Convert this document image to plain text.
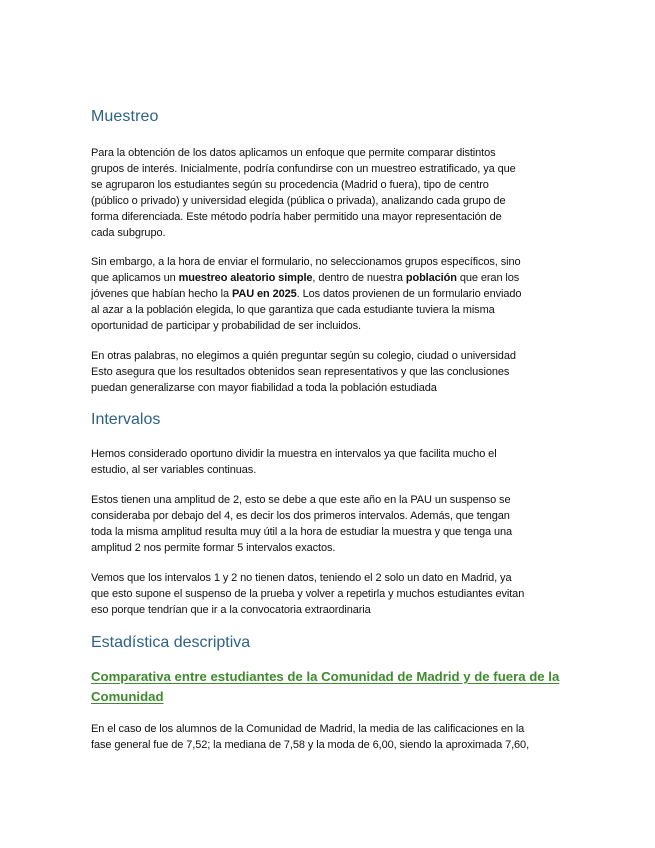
Muestreo

Para la obtención de los datos aplicamos un enfoque que permite comparar distintos
grupos de interés. Inicialmente, podría confundirse con un muestreo estratificado, ya que
se agruparon los estudiantes según su procedencia (Madrid o fuera), tipo de centro
(público o privado) y universidad elegida (pública o privada), analizando cada grupo de
forma diferenciada. Este método podría haber permitido una mayor representación de
cada subgrupo.

Sin embargo, a la hora de enviar el formulario, no seleccionamos grupos específicos, sino
que aplicamos un muestreo aleatorio simple, dentro de nuestra población que eran los
jóvenes que habían hecho la PAU en 2025. Los datos provienen de un formulario enviado
al azar a la población elegida, lo que garantiza que cada estudiante tuviera la misma
oportunidad de participar y probabilidad de ser incluidos.

En otras palabras, no elegimos a quién preguntar según su colegio, ciudad o universidad
Esto asegura que los resultados obtenidos sean representativos y que las conclusiones
puedan generalizarse con mayor fiabilidad a toda la población estudiada

Intervalos

Hemos considerado oportuno dividir la muestra en intervalos ya que facilita mucho el
estudio, al ser variables continuas.

Estos tienen una amplitud de 2, esto se debe a que este año en la PAU un suspenso se
consideraba por debajo del 4, es decir los dos primeros intervalos. Además, que tengan
toda la misma amplitud resulta muy útil a la hora de estudiar la muestra y que tenga una
amplitud 2 nos permite formar 5 intervalos exactos.

Vemos que los intervalos 1 y 2 no tienen datos, teniendo el 2 solo un dato en Madrid, ya
que esto supone el suspenso de la prueba y volver a repetirla y muchos estudiantes evitan
eso porque tendrían que ir a la convocatoria extraordinaria

Estadística descriptiva
Comparativa entre estudiantes de la Comunidad de Madrid y de fuera de la
Comunidad

En el caso de los alumnos de la Comunidad de Madrid, la media de las calificaciones en la
fase general fue de 7,52; la mediana de 7,58 y la moda de 6,00, siendo la aproximada 7,60,
